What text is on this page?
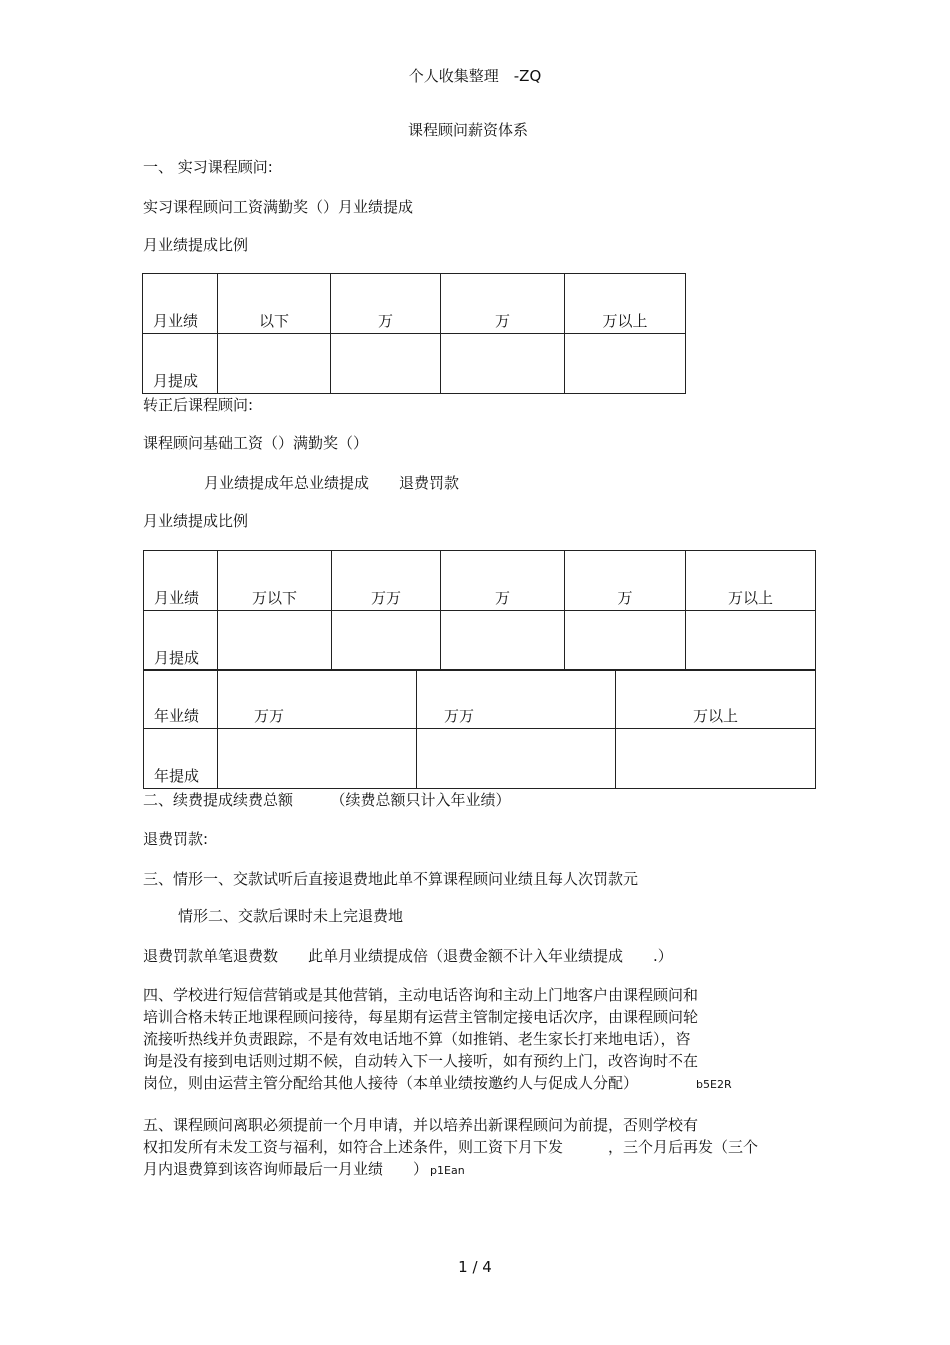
个人收集整理　-ZQ
课程顾问薪资体系
一、 实习课程顾问:
实习课程顾问工资满勤奖（）月业绩提成
月业绩提成比例
月业绩	以下	万	万	万以上

月提成				

转正后课程顾问:
课程顾问基础工资（）满勤奖（）
月业绩提成年总业绩提成　　退费罚款
月业绩提成比例
月业绩	万以下	万万	万	万	万以上

月提成					

年业绩	万万	万万	万以上

年提成			

二、续费提成续费总额　　　（续费总额只计入年业绩）
退费罚款:
三、情形一、交款试听后直接退费地此单不算课程顾问业绩且每人次罚款元
情形二、交款后课时未上完退费地
退费罚款单笔退费数　　此单月业绩提成倍（退费金额不计入年业绩提成　　.）
四、学校进行短信营销或是其他营销，主动电话咨询和主动上门地客户由课程顾问和
培训合格未转正地课程顾问接待，每星期有运营主管制定接电话次序，由课程顾问轮
流接听热线并负责跟踪，不是有效电话地不算（如推销、老生家长打来地电话），咨
询是没有接到电话则过期不候，自动转入下一人接听，如有预约上门，改咨询时不在
岗位，则由运营主管分配给其他人接待（本单业绩按邀约人与促成人分配）	b5E2R
五、课程顾问离职必须提前一个月申请，并以培养出新课程顾问为前提，否则学校有
权扣发所有未发工资与福利，如符合上述条件，则工资下月下发　　　，三个月后再发（三个
月内退费算到该咨询师最后一月业绩　　） p1Ean
1 / 4
